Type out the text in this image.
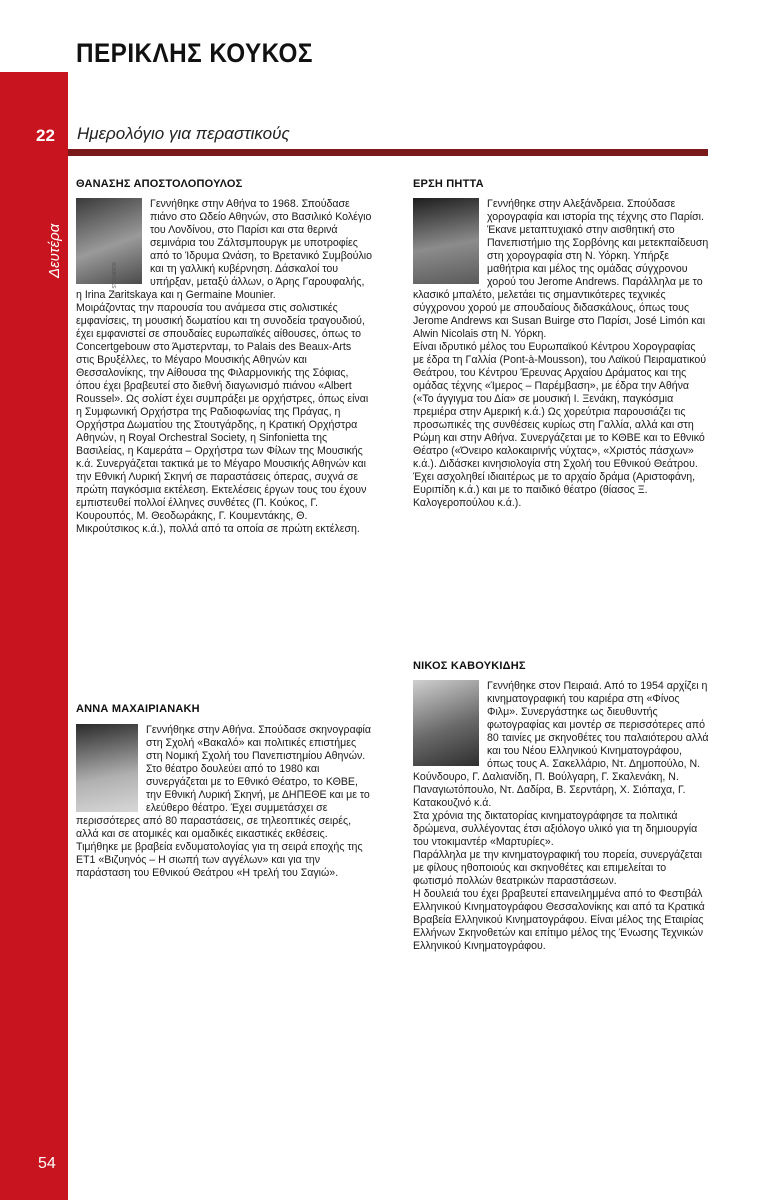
ΠΕΡΙΚΛΗΣ ΚΟΥΚΟΣ
22 Ημερολόγιο για περαστικούς
Δευτέρα
ΘΑΝΑΣΗΣ ΑΠΟΣΤΟΛΟΠΟΥΛΟΣ

Γεννήθηκε στην Αθήνα το 1968. Σπούδασε πιάνο στο Ωδείο Αθηνών, στο Βασιλικό Κολέγιο του Λονδίνου, στο Παρίσι και στα θερινά σεμινάρια του Ζάλτσμπουργκ με υποτροφίες από το Ίδρυμα Ωνάση, το Βρετανικό Συμβούλιο και τη γαλλική κυβέρνηση. Δάσκαλοί του υπήρξαν, μεταξύ άλλων, ο Άρης Γαρουφαλής, η Irina Zaritskaya και η Germaine Mounier.

Μοιράζοντας την παρουσία του ανάμεσα στις σολιστικές εμφανίσεις, τη μουσική δωματίου και τη συνοδεία τραγουδιού, έχει εμφανιστεί σε σπουδαίες ευρωπαϊκές αίθουσες, όπως το Concertgebouw στο Άμστερνταμ, το Palais des Beaux-Arts στις Βρυξέλλες, το Μέγαρο Μουσικής Αθηνών και Θεσσαλονίκης, την Αίθουσα της Φιλαρμονικής της Σόφιας, όπου έχει βραβευτεί στο διεθνή διαγωνισμό πιάνου «Albert Roussel». Ως σολίστ έχει συμπράξει με ορχήστρες, όπως είναι η Συμφωνική Ορχήστρα της Ραδιοφωνίας της Πράγας, η Ορχήστρα Δωματίου της Στουτγάρδης, η Κρατική Ορχήστρα Αθηνών, η Royal Orchestral Society, η Sinfonietta της Βασιλείας, η Καμεράτα – Ορχήστρα των Φίλων της Μουσικής κ.ά. Συνεργάζεται τακτικά με το Μέγαρο Μουσικής Αθηνών και την Εθνική Λυρική Σκηνή σε παραστάσεις όπερας, συχνά σε πρώτη παγκόσμια εκτέλεση. Εκτελέσεις έργων τους του έχουν εμπιστευθεί πολλοί έλληνες συνθέτες (Π. Κούκος, Γ. Κουρουπός, Μ. Θεοδωράκης, Γ. Κουμεντάκης, Θ. Μικρούτσικος κ.ά.), πολλά από τα οποία σε πρώτη εκτέλεση.

© STEFANOS
ΑΝΝΑ ΜΑΧΑΙΡΙΑΝΑΚΗ

Γεννήθηκε στην Αθήνα. Σπούδασε σκηνογραφία στη Σχολή «Βακαλό» και πολιτικές επιστήμες στη Νομική Σχολή του Πανεπιστημίου Αθηνών. Στο θέατρο δουλεύει από το 1980 και συνεργάζεται με το Εθνικό Θέατρο, το ΚΘΒΕ, την Εθνική Λυρική Σκηνή, με ΔΗΠΕΘΕ και με το ελεύθερο θέατρο. Έχει συμμετάσχει σε περισσότερες από 80 παραστάσεις, σε τηλεοπτικές σειρές, αλλά και σε ατομικές και ομαδικές εικαστικές εκθέσεις. Τιμήθηκε με βραβεία ενδυματολογίας για τη σειρά εποχής της ΕΤ1 «Βιζυηνός – Η σιωπή των αγγέλων» και για την παράσταση του Εθνικού Θεάτρου «Η τρελή του Σαγιώ».

ΕΡΣΗ ΠΗΤΤΑ

Γεννήθηκε στην Αλεξάνδρεια. Σπούδασε χορογραφία και ιστορία της τέχνης στο Παρίσι. Έκανε μεταπτυχιακό στην αισθητική στο Πανεπιστήμιο της Σορβόνης και μετεκπαίδευση στη χορογραφία στη Ν. Υόρκη. Υπήρξε μαθήτρια και μέλος της ομάδας σύγχρονου χορού του Jerome Andrews. Παράλληλα με το κλασικό μπαλέτο, μελετάει τις σημαντικότερες τεχνικές σύγχρονου χορού με σπουδαίους διδασκάλους, όπως τους Jerome Andrews και Susan Buirge στο Παρίσι, José Limón και Alwin Nicolais στη Ν. Υόρκη.

Είναι ιδρυτικό μέλος του Ευρωπαϊκού Κέντρου Χορογραφίας με έδρα τη Γαλλία (Pont-à-Mousson), του Λαϊκού Πειραματικού Θεάτρου, του Κέντρου Έρευνας Αρχαίου Δράματος και της ομάδας τέχνης «Ίμερος – Παρέμβαση», με έδρα την Αθήνα («Το άγγιγμα του Δία» σε μουσική Ι. Ξενάκη, παγκόσμια πρεμιέρα στην Αμερική κ.ά.) Ως χορεύτρια παρουσιάζει τις προσωπικές της συνθέσεις κυρίως στη Γαλλία, αλλά και στη Ρώμη και στην Αθήνα. Συνεργάζεται με το ΚΘΒΕ και το Εθνικό Θέατρο («Όνειρο καλοκαιρινής νύχτας», «Χριστός πάσχων» κ.ά.). Διδάσκει κινησιολογία στη Σχολή του Εθνικού Θεάτρου. Έχει ασχοληθεί ιδιαιτέρως με το αρχαίο δράμα (Αριστοφάνη, Ευριπίδη κ.ά.) και με το παιδικό θέατρο (θίασος Ξ. Καλογεροπούλου κ.ά.).

ΝΙΚΟΣ ΚΑΒΟΥΚΙΔΗΣ

Γεννήθηκε στον Πειραιά. Από το 1954 αρχίζει η κινηματογραφική του καριέρα στη «Φίνος Φιλμ». Συνεργάστηκε ως διευθυντής φωτογραφίας και μοντέρ σε περισσότερες από 80 ταινίες με σκηνοθέτες του παλαιότερου αλλά και του Νέου Ελληνικού Κινηματογράφου, όπως τους Α. Σακελλάριο, Ντ. Δημοπούλο, Ν. Κούνδουρο, Γ. Δαλιανίδη, Π. Βούλγαρη, Γ. Σκαλενάκη, Ν. Παναγιωτόπουλο, Ντ. Δαδίρα, Β. Σερντάρη, Χ. Σιόπαχα, Γ. Κατακουζινό κ.ά.

Στα χρόνια της δικτατορίας κινηματογράφησε τα πολιτικά δρώμενα, συλλέγοντας έτσι αξιόλογο υλικό για τη δημιουργία του ντοκιμαντέρ «Μαρτυρίες».

Παράλληλα με την κινηματογραφική του πορεία, συνεργάζεται με φίλους ηθοποιούς και σκηνοθέτες και επιμελείται το φωτισμό πολλών θεατρικών παραστάσεων.

Η δουλειά του έχει βραβευτεί επανειλημμένα από το Φεστιβάλ Ελληνικού Κινηματογράφου Θεσσαλονίκης και από τα Κρατικά Βραβεία Ελληνικού Κινηματογράφου. Είναι μέλος της Εταιρίας Ελλήνων Σκηνοθετών και επίτιμο μέλος της Ένωσης Τεχνικών Ελληνικού Κινηματογράφου.

54
